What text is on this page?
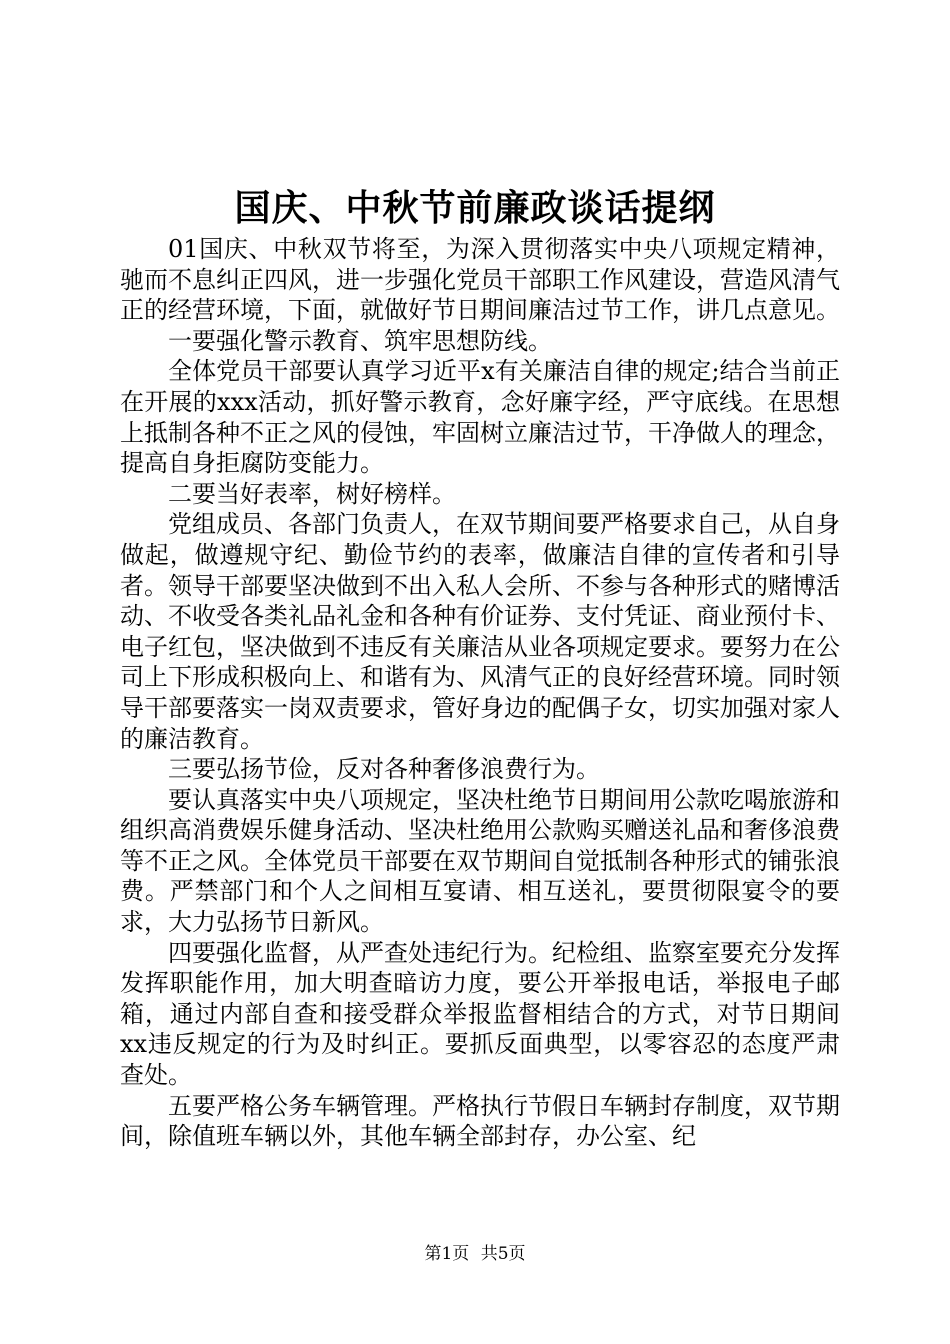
国庆、中秋节前廉政谈话提纲

01国庆、中秋双节将至，为深入贯彻落实中央八项规定精神，驰而不息纠正四风，进一步强化党员干部职工作风建设，营造风清气正的经营环境，下面，就做好节日期间廉洁过节工作，讲几点意见。

一要强化警示教育、筑牢思想防线。

全体党员干部要认真学习近平x有关廉洁自律的规定;结合当前正在开展的xxx活动，抓好警示教育，念好廉字经，严守底线。在思想上抵制各种不正之风的侵蚀，牢固树立廉洁过节，干净做人的理念，提高自身拒腐防变能力。

二要当好表率，树好榜样。

党组成员、各部门负责人，在双节期间要严格要求自己，从自身做起，做遵规守纪、勤俭节约的表率，做廉洁自律的宣传者和引导者。领导干部要坚决做到不出入私人会所、不参与各种形式的赌博活动、不收受各类礼品礼金和各种有价证券、支付凭证、商业预付卡、电子红包，坚决做到不违反有关廉洁从业各项规定要求。要努力在公司上下形成积极向上、和谐有为、风清气正的良好经营环境。同时领导干部要落实一岗双责要求，管好身边的配偶子女，切实加强对家人的廉洁教育。

三要弘扬节俭，反对各种奢侈浪费行为。

要认真落实中央八项规定，坚决杜绝节日期间用公款吃喝旅游和组织高消费娱乐健身活动、坚决杜绝用公款购买赠送礼品和奢侈浪费等不正之风。全体党员干部要在双节期间自觉抵制各种形式的铺张浪费。严禁部门和个人之间相互宴请、相互送礼，要贯彻限宴令的要求，大力弘扬节日新风。

四要强化监督，从严查处违纪行为。纪检组、监察室要充分发挥发挥职能作用，加大明查暗访力度，要公开举报电话，举报电子邮箱，通过内部自查和接受群众举报监督相结合的方式，对节日期间xx违反规定的行为及时纠正。要抓反面典型，以零容忍的态度严肃查处。

五要严格公务车辆管理。严格执行节假日车辆封存制度，双节期间，除值班车辆以外，其他车辆全部封存，办公室、纪

第1页 共5页
